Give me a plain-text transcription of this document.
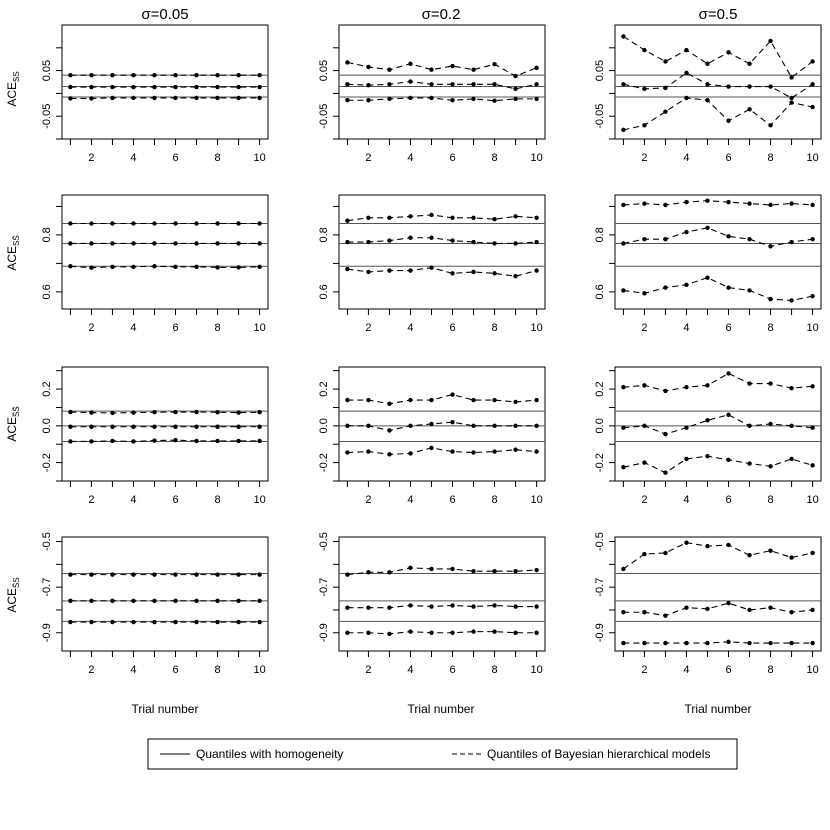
σ=0.05	σ=0.2	σ=0.5
$ACE_{SS}$
$ACE_{SS̄}$
$ACE_{S̄S̄}$
$ACE_{S̄S}$
Trial number	Trial number	Trial number
-0.05
0.05
2	4	6	8	10
-0.05
0.05
2	4	6	8	10
-0.05
0.05
2	4	6	8	10
0.6
0.8
2	4	6	8	10
0.6
0.8
2	4	6	8	10
0.6
0.8
2	4	6	8	10
-0.2
0.0
0.2
2	4	6	8	10
-0.2
0.0
0.2
2	4	6	8	10
-0.2
0.0
0.2
2	4	6	8	10
-0.9
-0.7
-0.5
2	4	6	8	10
-0.9
-0.7
-0.5
2	4	6	8	10
-0.9
-0.7
-0.5
2	4	6	8	10
Quantiles with homogeneity	Quantiles of Bayesian hierarchical models
